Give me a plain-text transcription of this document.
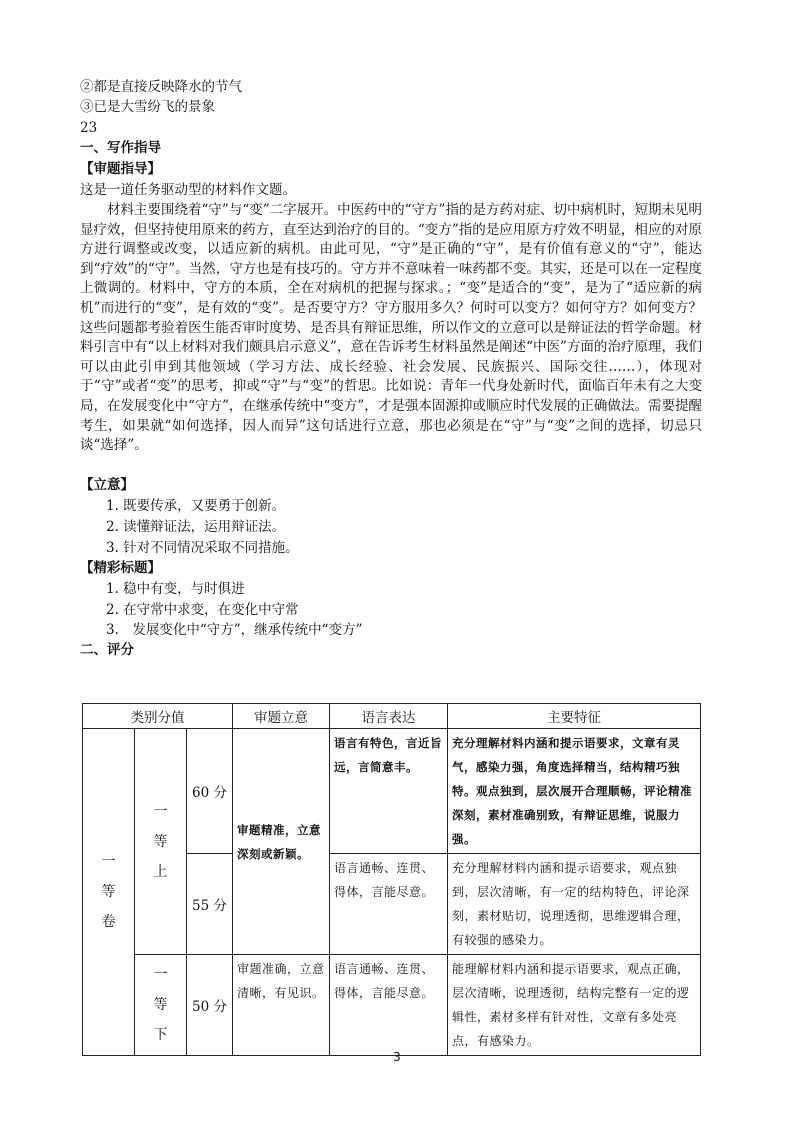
②都是直接反映降水的节气
③已是大雪纷飞的景象
23
一、写作指导
【审题指导】
这是一道任务驱动型的材料作文题。
材料主要围绕着“守”与“变”二字展开。中医药中的“守方”指的是方药对症、切中病机时，短期未见明显疗效，但坚持使用原来的药方，直至达到治疗的目的。“变方”指的是应用原方疗效不明显，相应的对原方进行调整或改变，以适应新的病机。由此可见，“守”是正确的“守”，是有价值有意义的“守”，能达到“疗效”的“守”。当然，守方也是有技巧的。守方并不意味着一味药都不变。其实，还是可以在一定程度上微调的。材料中，守方的本质，全在对病机的把握与探求。；“变”是适合的“变”，是为了“适应新的病机”而进行的“变”，是有效的“变”。是否要守方？守方服用多久？何时可以变方？如何守方？如何变方？这些问题都考验着医生能否审时度势、是否具有辩证思维，所以作文的立意可以是辩证法的哲学命题。材料引言中有“以上材料对我们颇具启示意义”，意在告诉考生材料虽然是阐述“中医”方面的治疗原理，我们可以由此引申到其他领域（学习方法、成长经验、社会发展、民族振兴、国际交往……），体现对于“守”或者“变”的思考，抑或“守”与“变”的哲思。比如说：青年一代身处新时代，面临百年未有之大变局，在发展变化中“守方”，在继承传统中“变方”，才是强本固源抑或顺应时代发展的正确做法。需要提醒考生，如果就“如何选择，因人而异”这句话进行立意，那也必须是在“守”与“变”之间的选择，切忌只谈“选择”。
【立意】
1. 既要传承，又要勇于创新。
2. 读懂辩证法，运用辩证法。
3. 针对不同情况采取不同措施。
【精彩标题】
1. 稳中有变，与时俱进
2. 在守常中求变，在变化中守常
3.　发展变化中“守方”，继承传统中“变方”
二、评分
类别分值			审题立意	语言表达	主要特征
一等卷	一等上	60 分	审题精准，立意深刻或新颖。	语言有特色，言近旨远，言简意丰。	充分理解材料内涵和提示语要求，文章有灵气，感染力强，角度选择精当，结构精巧独特。观点独到，层次展开合理顺畅，评论精准深刻，素材准确别致，有辩证思维，说服力强。
		55 分		语言通畅、连贯、得体，言能尽意。	充分理解材料内涵和提示语要求，观点独到，层次清晰，有一定的结构特色，评论深刻，素材贴切，说理透彻，思维逻辑合理，有较强的感染力。
	一等下	50 分	审题准确，立意清晰，有见识。	语言通畅、连贯、得体，言能尽意。	能理解材料内涵和提示语要求，观点正确，层次清晰，说理透彻，结构完整有一定的逻辑性，素材多样有针对性，文章有多处亮点，有感染力。
3
